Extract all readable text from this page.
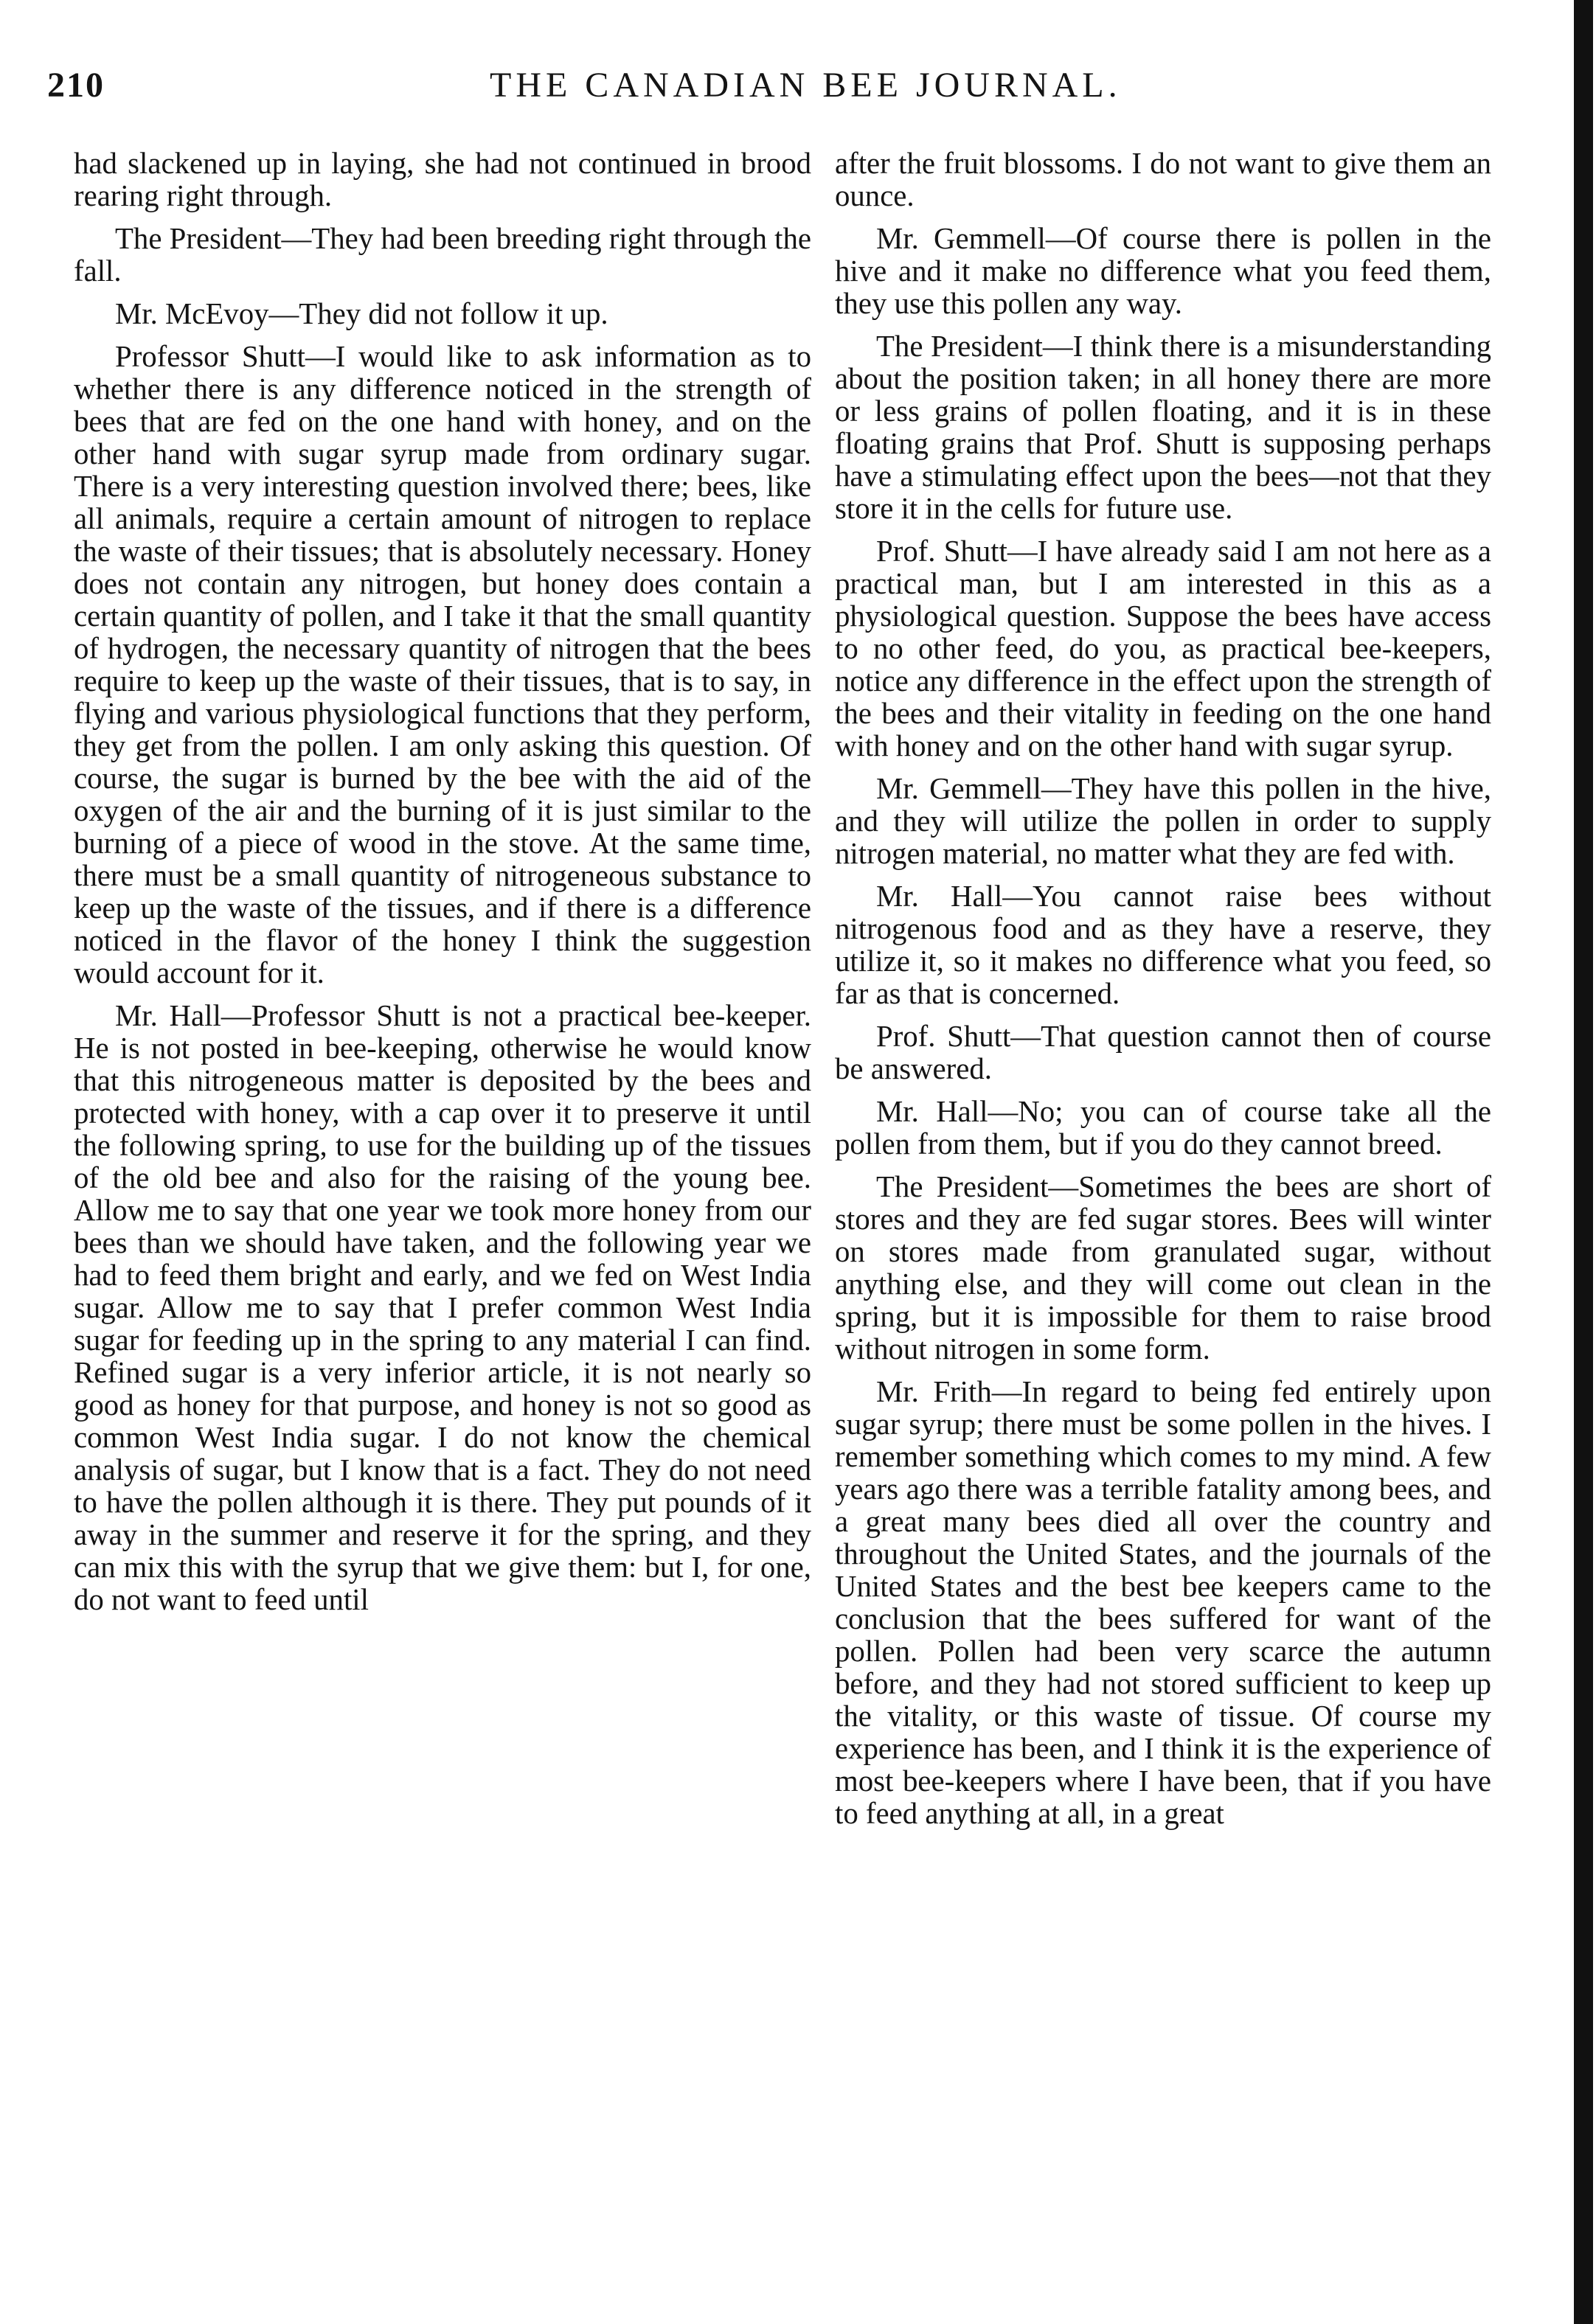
210	THE CANADIAN BEE JOURNAL.

had slackened up in laying, she had not continued in brood rearing right through.

The President—They had been breeding right through the fall.

Mr. McEvoy—They did not follow it up.

Professor Shutt—I would like to ask information as to whether there is any difference noticed in the strength of bees that are fed on the one hand with honey, and on the other hand with sugar syrup made from ordinary sugar. There is a very interesting question involved there; bees, like all animals, require a certain amount of nitrogen to replace the waste of their tissues; that is absolutely necessary. Honey does not contain any nitrogen, but honey does contain a certain quantity of pollen, and I take it that the small quantity of hydrogen, the necessary quantity of nitrogen that the bees require to keep up the waste of their tissues, that is to say, in flying and various physiological functions that they perform, they get from the pollen. I am only asking this question. Of course, the sugar is burned by the bee with the aid of the oxygen of the air and the burning of it is just similar to the burning of a piece of wood in the stove. At the same time, there must be a small quantity of nitrogeneous substance to keep up the waste of the tissues, and if there is a difference noticed in the flavor of the honey I think the suggestion would account for it.

Mr. Hall—Professor Shutt is not a practical bee-keeper. He is not posted in bee-keeping, otherwise he would know that this nitrogeneous matter is deposited by the bees and protected with honey, with a cap over it to preserve it until the following spring, to use for the building up of the tissues of the old bee and also for the raising of the young bee. Allow me to say that one year we took more honey from our bees than we should have taken, and the following year we had to feed them bright and early, and we fed on West India sugar. Allow me to say that I prefer common West India sugar for feeding up in the spring to any material I can find. Refined sugar is a very inferior article, it is not nearly so good as honey for that purpose, and honey is not so good as common West India sugar. I do not know the chemical analysis of sugar, but I know that is a fact. They do not need to have the pollen although it is there. They put pounds of it away in the summer and reserve it for the spring, and they can mix this with the syrup that we give them: but I, for one, do not want to feed until

after the fruit blossoms. I do not want to give them an ounce.

Mr. Gemmell—Of course there is pollen in the hive and it make no difference what you feed them, they use this pollen any way.

The President—I think there is a misunderstanding about the position taken; in all honey there are more or less grains of pollen floating, and it is in these floating grains that Prof. Shutt is supposing perhaps have a stimulating effect upon the bees—not that they store it in the cells for future use.

Prof. Shutt—I have already said I am not here as a practical man, but I am interested in this as a physiological question. Suppose the bees have access to no other feed, do you, as practical bee-keepers, notice any difference in the effect upon the strength of the bees and their vitality in feeding on the one hand with honey and on the other hand with sugar syrup.

Mr. Gemmell—They have this pollen in the hive, and they will utilize the pollen in order to supply nitrogen material, no matter what they are fed with.

Mr. Hall—You cannot raise bees without nitrogenous food and as they have a reserve, they utilize it, so it makes no difference what you feed, so far as that is concerned.

Prof. Shutt—That question cannot then of course be answered.

Mr. Hall—No; you can of course take all the pollen from them, but if you do they cannot breed.

The President—Sometimes the bees are short of stores and they are fed sugar stores. Bees will winter on stores made from granulated sugar, without anything else, and they will come out clean in the spring, but it is impossible for them to raise brood without nitrogen in some form.

Mr. Frith—In regard to being fed entirely upon sugar syrup; there must be some pollen in the hives. I remember something which comes to my mind. A few years ago there was a terrible fatality among bees, and a great many bees died all over the country and throughout the United States, and the journals of the United States and the best bee keepers came to the conclusion that the bees suffered for want of the pollen. Pollen had been very scarce the autumn before, and they had not stored sufficient to keep up the vitality, or this waste of tissue. Of course my experience has been, and I think it is the experience of most bee-keepers where I have been, that if you have to feed anything at all, in a great
